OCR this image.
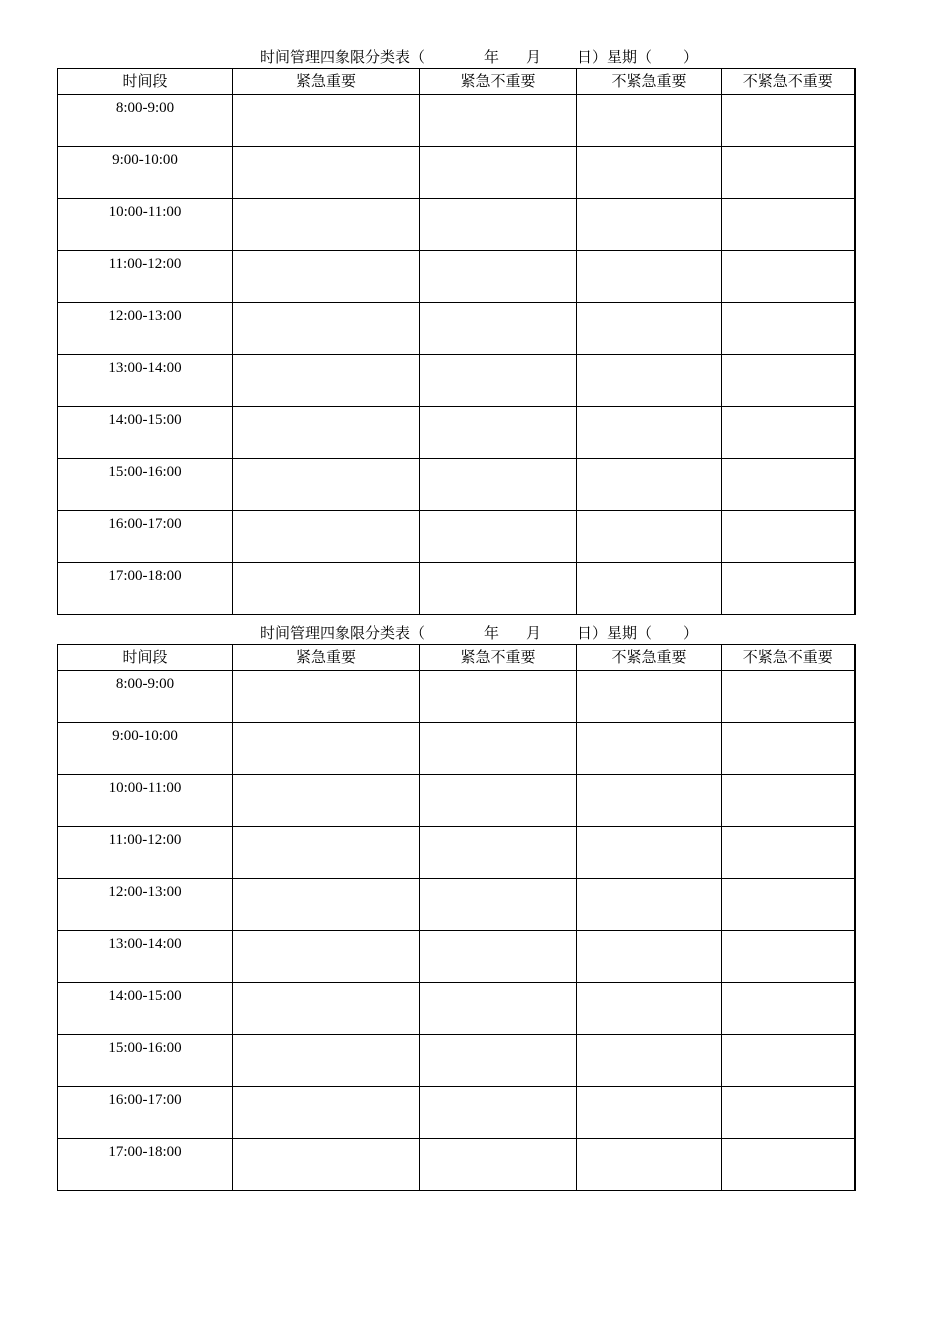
时间管理四象限分类表（	年 月 日）星期（ ）
时间段	紧急重要	紧急不重要	不紧急重要	不紧急不重要
8:00-9:00				
9:00-10:00				
10:00-11:00				
11:00-12:00				
12:00-13:00				
13:00-14:00				
14:00-15:00				
15:00-16:00				
16:00-17:00				
17:00-18:00				
时间管理四象限分类表（	年 月 日）星期（ ）
时间段	紧急重要	紧急不重要	不紧急重要	不紧急不重要
8:00-9:00				
9:00-10:00				
10:00-11:00				
11:00-12:00				
12:00-13:00				
13:00-14:00				
14:00-15:00				
15:00-16:00				
16:00-17:00				
17:00-18:00				
